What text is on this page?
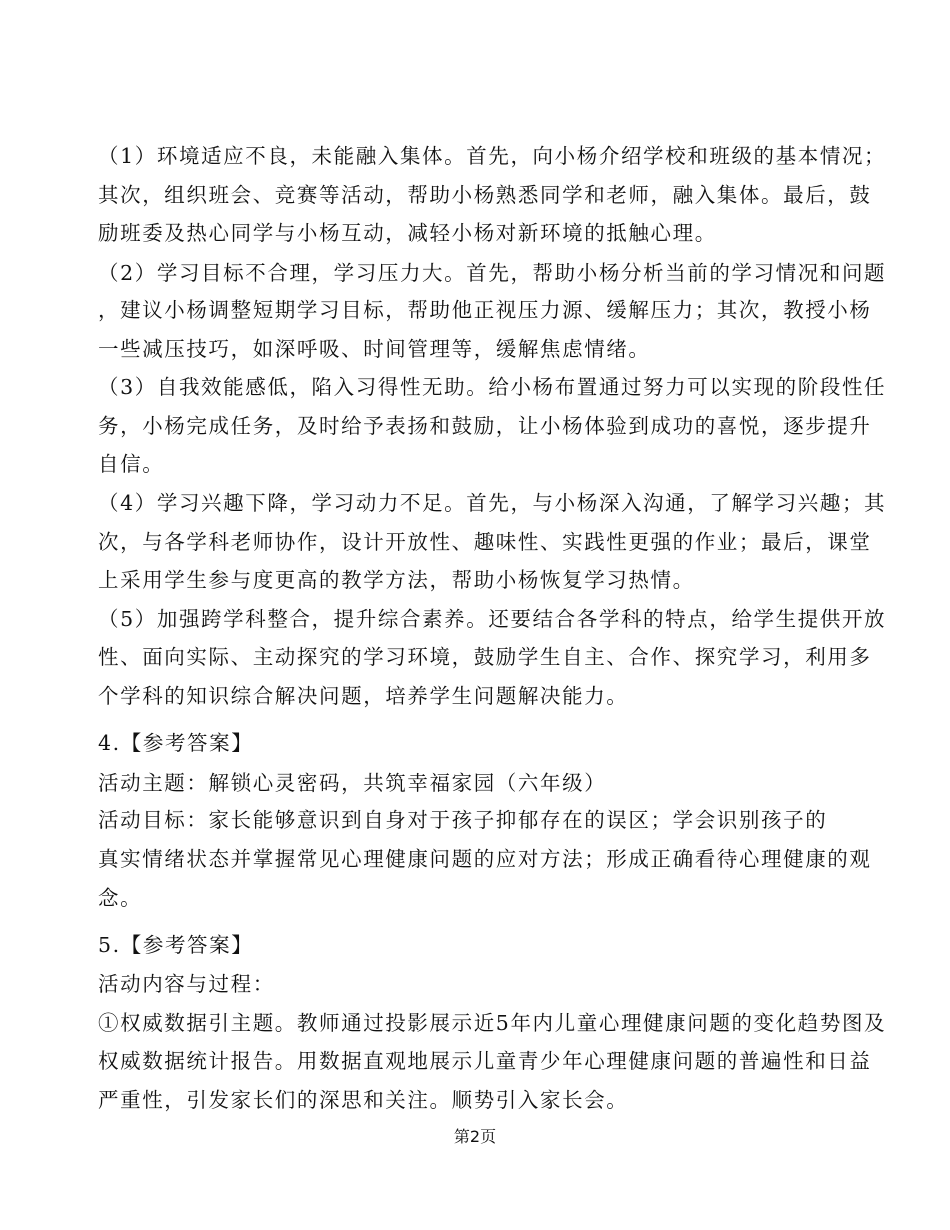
（1）环境适应不良，未能融入集体。首先，向小杨介绍学校和班级的基本情况；
其次，组织班会、竞赛等活动，帮助小杨熟悉同学和老师，融入集体。最后，鼓
励班委及热心同学与小杨互动，减轻小杨对新环境的抵触心理。
（2）学习目标不合理，学习压力大。首先，帮助小杨分析当前的学习情况和问题
，建议小杨调整短期学习目标，帮助他正视压力源、缓解压力；其次，教授小杨
一些减压技巧，如深呼吸、时间管理等，缓解焦虑情绪。
（3）自我效能感低，陷入习得性无助。给小杨布置通过努力可以实现的阶段性任
务，小杨完成任务，及时给予表扬和鼓励，让小杨体验到成功的喜悦，逐步提升
自信。
（4）学习兴趣下降，学习动力不足。首先，与小杨深入沟通，了解学习兴趣；其
次，与各学科老师协作，设计开放性、趣味性、实践性更强的作业；最后，课堂
上采用学生参与度更高的教学方法，帮助小杨恢复学习热情。
（5）加强跨学科整合，提升综合素养。还要结合各学科的特点，给学生提供开放
性、面向实际、主动探究的学习环境，鼓励学生自主、合作、探究学习，利用多
个学科的知识综合解决问题，培养学生问题解决能力。
4.【参考答案】
活动主题：解锁心灵密码，共筑幸福家园（六年级）
活动目标：家长能够意识到自身对于孩子抑郁存在的误区；学会识别孩子的
真实情绪状态并掌握常见心理健康问题的应对方法；形成正确看待心理健康的观
念。
5.【参考答案】
活动内容与过程：
①权威数据引主题。教师通过投影展示近5年内儿童心理健康问题的变化趋势图及
权威数据统计报告。用数据直观地展示儿童青少年心理健康问题的普遍性和日益
严重性，引发家长们的深思和关注。顺势引入家长会。
第2页
